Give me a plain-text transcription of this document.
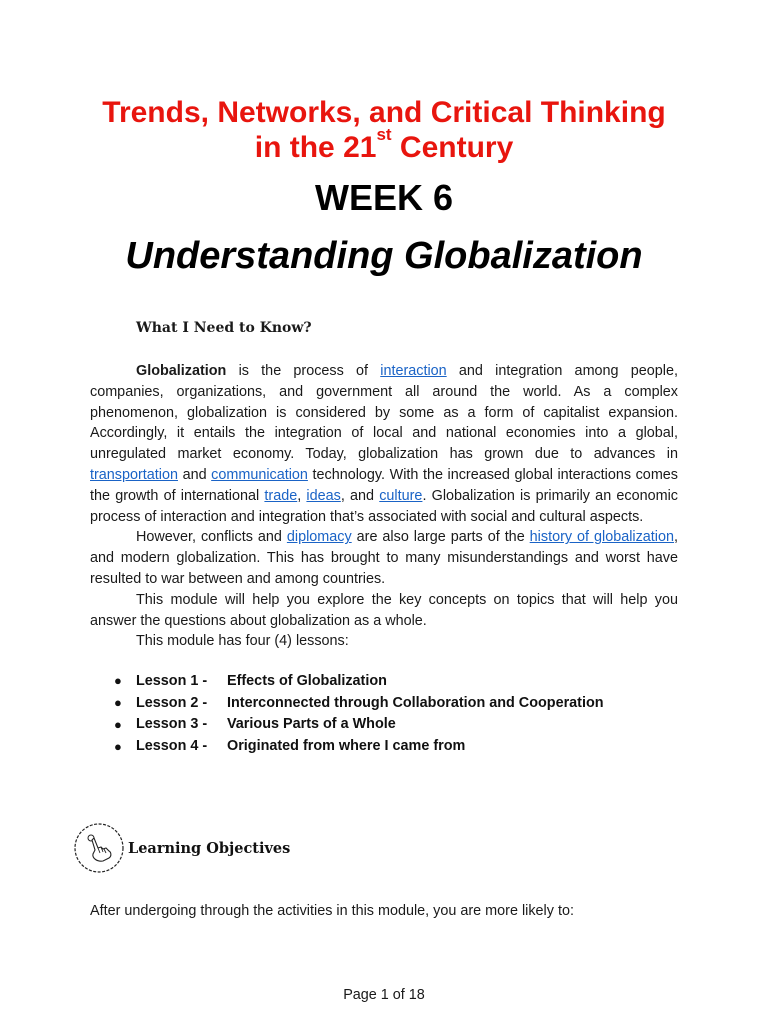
Trends, Networks, and Critical Thinking
in the 21st Century
WEEK 6
Understanding Globalization
What I Need to Know?

Globalization is the process of interaction and integration among people, companies, organizations, and government all around the world. As a complex phenomenon, globalization is considered by some as a form of capitalist expansion. Accordingly, it entails the integration of local and national economies into a global, unregulated market economy. Today, globalization has grown due to advances in transportation and communication technology. With the increased global interactions comes the growth of international trade, ideas, and culture. Globalization is primarily an economic process of interaction and integration that’s associated with social and cultural aspects.

However, conflicts and diplomacy are also large parts of the history of globalization, and modern globalization. This has brought to many misunderstandings and worst have resulted to war between and among countries.

This module will help you explore the key concepts on topics that will help you answer the questions about globalization as a whole.

This module has four (4) lessons:

● Lesson 1 -	Effects of Globalization
● Lesson 2 -	Interconnected through Collaboration and Cooperation
● Lesson 3 -	Various Parts of a Whole
● Lesson 4 -	Originated from where I came from
Learning Objectives
After undergoing through the activities in this module, you are more likely to:
Page 1 of 18
